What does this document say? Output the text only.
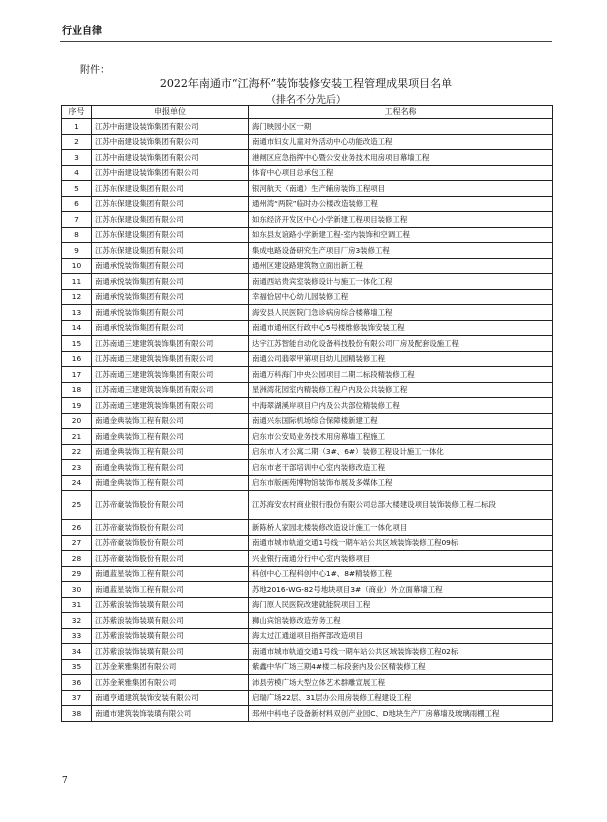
行业自律
附件：
2022年南通市“江海杯”装饰装修安装工程管理成果项目名单
（排名不分先后）
序号	申报单位	工程名称
1	江苏中南建设装饰集团有限公司	海门映园小区一期
2	江苏中南建设装饰集团有限公司	南通市妇女儿童对外活动中心功能改造工程
3	江苏中南建设装饰集团有限公司	港闸区应急指挥中心暨公安业务技术用房项目幕墙工程
4	江苏中南建设装饰集团有限公司	体育中心项目总承包工程
5	江苏东保建设集团有限公司	银河航天（南通）生产辅房装饰工程项目
6	江苏东保建设集团有限公司	通州湾“两院”临时办公楼改造装修工程
7	江苏东保建设集团有限公司	如东经济开发区中心小学新建工程项目装修工程
8	江苏东保建设集团有限公司	如东县友谊路小学新建工程-室内装饰和空调工程
9	江苏东保建设集团有限公司	集成电路设备研究生产项目厂房3装修工程
10	南通承悦装饰集团有限公司	通州区建设路建筑物立面出新工程
11	南通承悦装饰集团有限公司	南通西站贵宾室装修设计与施工一体化工程
12	南通承悦装饰集团有限公司	幸福恰居中心幼儿园装修工程
13	南通承悦装饰集团有限公司	海安县人民医院门急诊病房综合楼幕墙工程
14	南通承悦装饰集团有限公司	南通市通州区行政中心5号楼维修装饰安装工程
15	江苏南通三建建筑装饰集团有限公司	达宇江苏智能自动化设备科技股份有限公司厂房及配套设施工程
16	江苏南通三建建筑装饰集团有限公司	南通公司翡翠甲第项目幼儿园精装修工程
17	江苏南通三建建筑装饰集团有限公司	南通万科海门中央公园项目二期二标段精装修工程
18	江苏南通三建建筑装饰集团有限公司	星洲湾花园室内精装修工程户内及公共装修工程
19	江苏南通三建建筑装饰集团有限公司	中海翠湖溪岸项目户内及公共部位精装修工程
20	南通金典装饰工程有限公司	南通兴东国际机场综合保障楼新建工程
21	南通金典装饰工程有限公司	启东市公安局业务技术用房幕墙工程施工
22	南通金典装饰工程有限公司	启东市人才公寓二期（3#、6#）装修工程设计施工一体化
23	南通金典装饰工程有限公司	启东市老干部培训中心室内装修改造工程
24	南通金典装饰工程有限公司	启东市版画苑博物馆装饰布展及多媒体工程
25	江苏帝豪装饰股份有限公司	江苏海安农村商业银行股份有限公司总部大楼建设项目装饰装修工程二标段
26	江苏帝豪装饰股份有限公司	新陈桥人家园北楼装修改造设计施工一体化项目
27	江苏帝豪装饰股份有限公司	南通市城市轨道交通1号线一期车站公共区域装饰装修工程09标
28	江苏帝豪装饰股份有限公司	兴业银行南通分行中心室内装修项目
29	南通蓝星装饰工程有限公司	科创中心工程科创中心1#、8#精装修工程
30	南通蓝星装饰工程有限公司	苏地2016-WG-82号地块项目3#（商业）外立面幕墙工程
31	江苏紫浪装饰装璜有限公司	海门原人民医院改建就能院项目工程
32	江苏紫浪装饰装璜有限公司	狮山宾馆装修改造劳务工程
33	江苏紫浪装饰装璜有限公司	海太过江通道项目指挥部改造项目
34	江苏紫浪装饰装璜有限公司	南通市城市轨道交通1号线一期车站公共区域装饰装修工程02标
35	江苏金莱雅集团有限公司	紫鑫中华广场三期4#楼二标段套内及公区精装修工程
36	江苏金莱雅集团有限公司	沛县劳模广场大型立体艺术群雕宣展工程
37	南通亨通建筑装饰安装有限公司	启瑞广场22层、31层办公用房装修工程建设工程
38	南通市建筑装饰装璜有限公司	邳州中科电子设备新材料双创产业园C、D地块生产厂房幕墙及玻璃雨棚工程
7
